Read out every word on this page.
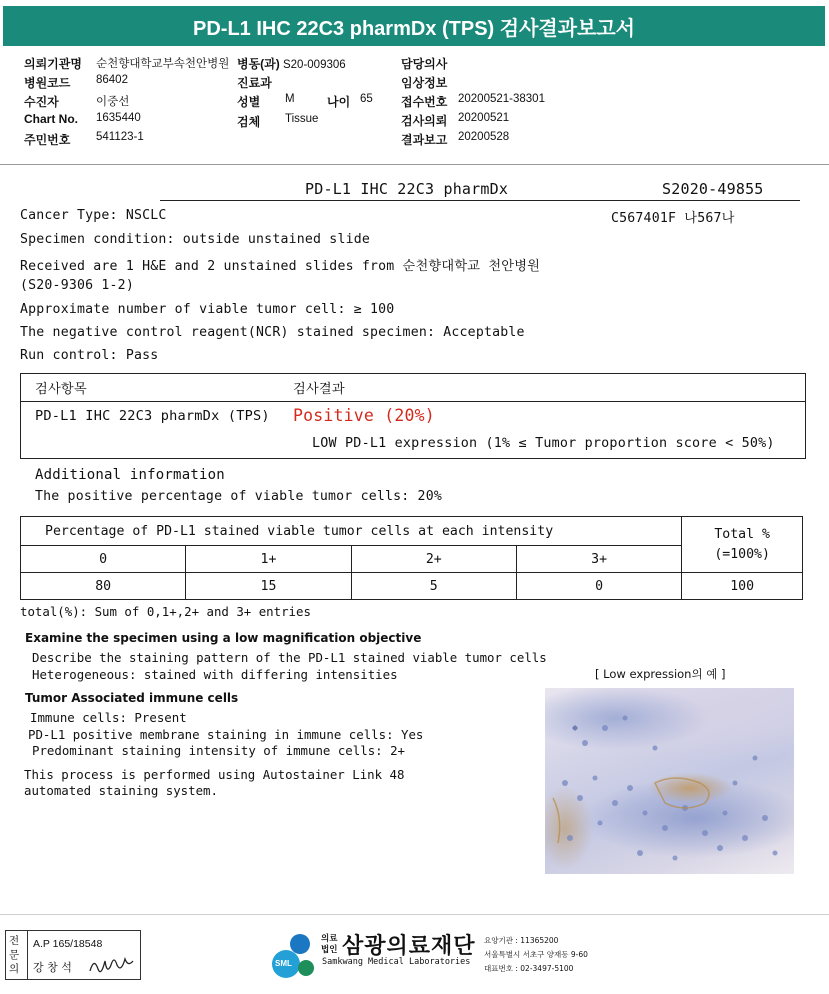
PD-L1 IHC 22C3 pharmDx (TPS) 검사결과보고서
의뢰기관명 순천향대학교부속천안병원
병원코드 86402
수진자	이중선
Chart No. 1635440
주민번호 541123-1
병동(과) S20-009306
진료과
성별 M	나이 65
검체 Tissue
담당의사
임상정보
접수번호 20200521-38301
검사의뢰 20200521
결과보고 20200528
PD-L1 IHC 22C3 pharmDx	S2020-49855
Cancer Type: NSCLC	C567401F 나567나
Specimen condition: outside unstained slide
Received are 1 H&E and 2 unstained slides from 순천향대학교 천안병원
(S20-9306 1-2)
Approximate number of viable tumor cell: ≥ 100
The negative control reagent(NCR) stained specimen: Acceptable
Run control: Pass
검사항목	검사결과
PD-L1 IHC 22C3 pharmDx (TPS) Positive (20%)
LOW PD-L1 expression (1% ≤ Tumor proportion score < 50%)
Additional information
The positive percentage of viable tumor cells: 20%
Percentage of PD-L1 stained viable tumor cells at each intensity				Total %
(=100%)

0	1+	2+	3+	
80	15	5	0	100
total(%): Sum of 0,1+,2+ and 3+ entries
Examine the specimen using a low magnification objective
Describe the staining pattern of the PD-L1 stained viable tumor cells
Heterogeneous: stained with differing intensities	[ Low expression의 예 ]
Tumor Associated immune cells
Immune cells: Present
PD-L1 positive membrane staining in immune cells: Yes
Predominant staining intensity of immune cells: 2+
This process is performed using Autostainer Link 48
automated staining system.
전문의
A.P 165/18548
강 창 석	SML
의료
법인 삼광의료재단
Samkwang Medical Laboratories
요양기관 : 11365200
서울특별시 서초구 양재동 9-60
대표번호 : 02-3497-5100
